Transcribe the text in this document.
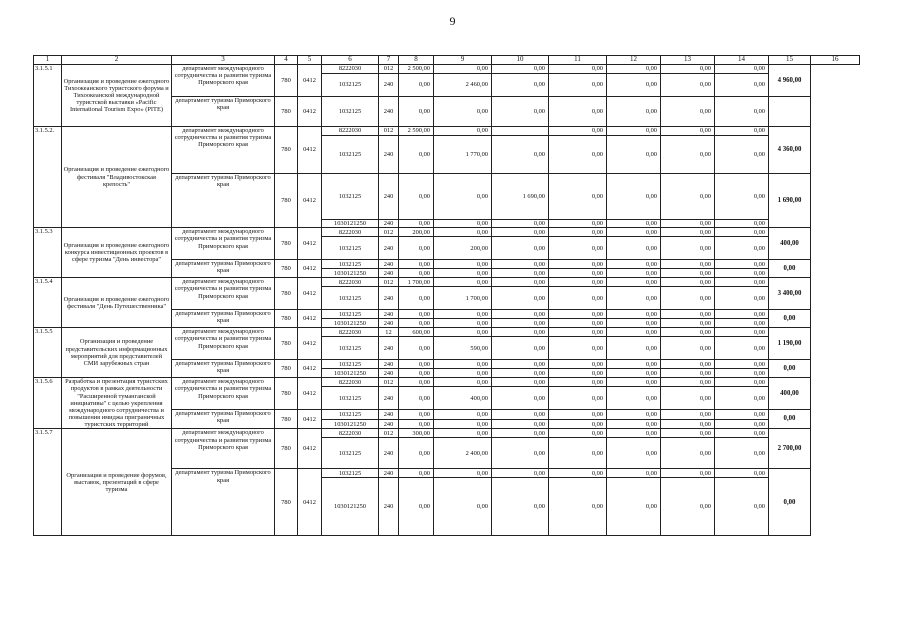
9
1	2	3	4	5	6	7	8	9	10	11	12	13	14	15	16
3.1.5.1	Организация и проведение ежегодного Тихоокеанского туристского форума и Тихоокеанской международной туристской выставки «Pacific International Tourism Expo» (PITE)	департамент международного сотрудничества и развития туризма Приморского края	780	0412	8222030	012	2 500,00	0,00	0,00	0,00	0,00	0,00	0,00	4 960,00	
					1032125	240	0,00	2 460,00	0,00	0,00	0,00	0,00	0,00		
		департамент туризма Приморского края	780	0412	1032125	240	0,00	0,00	0,00	0,00	0,00	0,00	0,00		
3.1.5.2.	Организация и проведение ежегодного фестиваля "Владивостокская крепость"	департамент международного сотрудничества и развития туризма Приморского края	780	0412	8222030	012	2 590,00	0,00		0,00	0,00	0,00	0,00	4 360,00	
					1032125	240	0,00	1 770,00	0,00	0,00	0,00	0,00	0,00		
		департамент туризма Приморского края	780	0412	1032125	240	0,00	0,00	1 690,00	0,00	0,00	0,00	0,00	1 690,00	
					1030121250	240	0,00	0,00	0,00	0,00	0,00	0,00	0,00		
3.1.5.3	Организация и проведение ежегодного конкурса инвестиционных проектов в сфере туризма "День инвестора"	департамент международного сотрудничества и развития туризма Приморского края	780	0412	8222030	012	200,00	0,00	0,00	0,00	0,00	0,00	0,00	400,00	
					1032125	240	0,00	200,00	0,00	0,00	0,00	0,00	0,00		
		департамент туризма Приморского края	780	0412	1032125	240	0,00	0,00	0,00	0,00	0,00	0,00	0,00	0,00	
					1030121250	240	0,00	0,00	0,00	0,00	0,00	0,00	0,00		
3.1.5.4	Организация и проведение ежегодного фестиваля "День Путешественника"	департамент международного сотрудничества и развития туризма Приморского края	780	0412	8222030	012	1 700,00	0,00	0,00	0,00	0,00	0,00	0,00	3 400,00	
					1032125	240	0,00	1 700,00	0,00	0,00	0,00	0,00	0,00		
		департамент туризма Приморского края	780	0412	1032125	240	0,00	0,00	0,00	0,00	0,00	0,00	0,00	0,00	
					1030121250	240	0,00	0,00	0,00	0,00	0,00	0,00	0,00		
3.1.5.5	Организация и проведение представительских информационных мероприятий для представителей СМИ зарубежных стран	департамент международного сотрудничества и развития туризма Приморского края	780	0412	8222030	12	600,00	0,00	0,00	0,00	0,00	0,00	0,00	1 190,00	
					1032125	240	0,00	590,00	0,00	0,00	0,00	0,00	0,00		
		департамент туризма Приморского края	780	0412	1032125	240	0,00	0,00	0,00	0,00	0,00	0,00	0,00	0,00	
					1030121250	240	0,00	0,00	0,00	0,00	0,00	0,00	0,00		
3.1.5.6	Разработка и презентация туристских продуктов в рамках деятельности "Расширенной туманганской инициативы" с целью укрепления международного сотрудничества и повышения имиджа приграничных туристских территорий	департамент международного сотрудничества и развития туризма Приморского края	780	0412	8222030	012	0,00	0,00	0,00	0,00	0,00	0,00	0,00	400,00	
					1032125	240	0,00	400,00	0,00	0,00	0,00	0,00	0,00		
		департамент туризма Приморского края	780	0412	1032125	240	0,00	0,00	0,00	0,00	0,00	0,00	0,00	0,00	
					1030121250	240	0,00	0,00	0,00	0,00	0,00	0,00	0,00		
3.1.5.7	Организация и проведение форумов, выставок, презентаций в сфере туризма	департамент международного сотрудничества и развития туризма Приморского края	780	0412	8222030	012	300,00	0,00	0,00	0,00	0,00	0,00	0,00	2 700,00	
					1032125	240	0,00	2 400,00	0,00	0,00	0,00	0,00	0,00		
		департамент туризма Приморского края	780	0412	1032125	240	0,00	0,00	0,00	0,00	0,00	0,00	0,00	0,00	
					1030121250	240	0,00	0,00	0,00	0,00	0,00	0,00	0,00		
